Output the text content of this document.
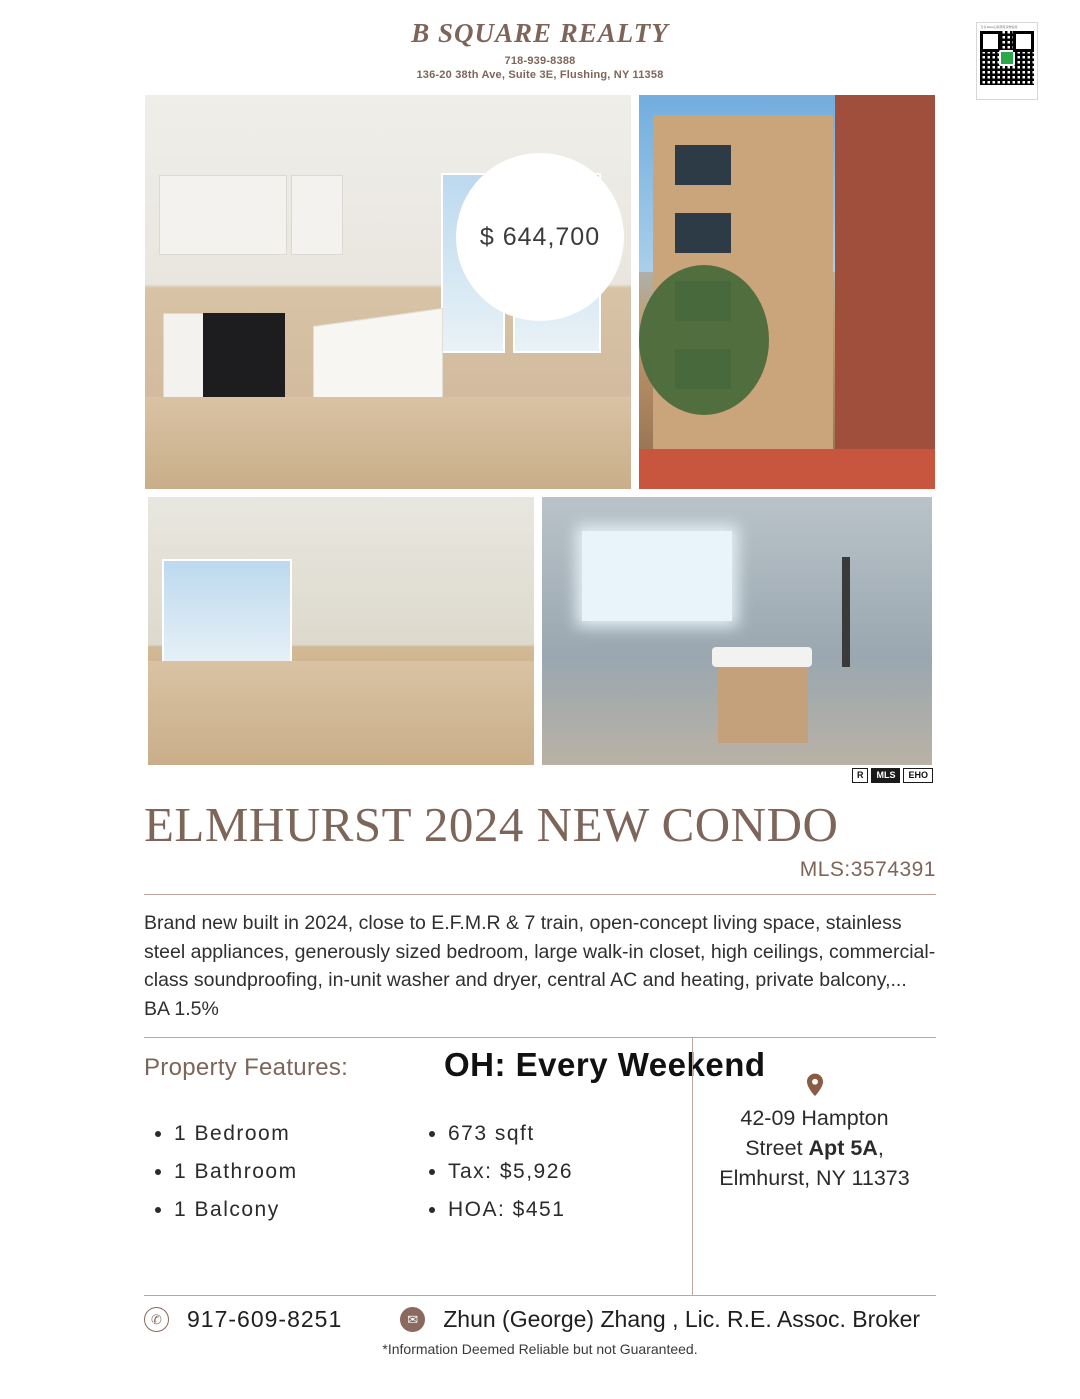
B SQUARE REALTY
718-939-8388
136-20 38th Ave, Suite 3E, Flushing, NY 11358
飞书 Docs扫码预览房源信息
$ 644,700
R	MLS	EHO
ELMHURST 2024 NEW CONDO
MLS:3574391
Brand new built in 2024, close to E.F.M.R & 7 train, open-concept living space, stainless steel appliances, generously sized bedroom, large walk-in closet, high ceilings, commercial-class soundproofing, in-unit washer and dryer, central AC and heating, private balcony,... BA 1.5%
Property Features:	OH: Every Weekend
• 1 Bedroom
• 1 Bathroom
• 1 Balcony
• 673 sqft
• Tax: $5,926
• HOA: $451
42-09 Hampton
Street Apt 5A,
Elmhurst, NY 11373
✆	917-609-8251	✉	Zhun (George) Zhang , Lic. R.E. Assoc. Broker
*Information Deemed Reliable but not Guaranteed.
